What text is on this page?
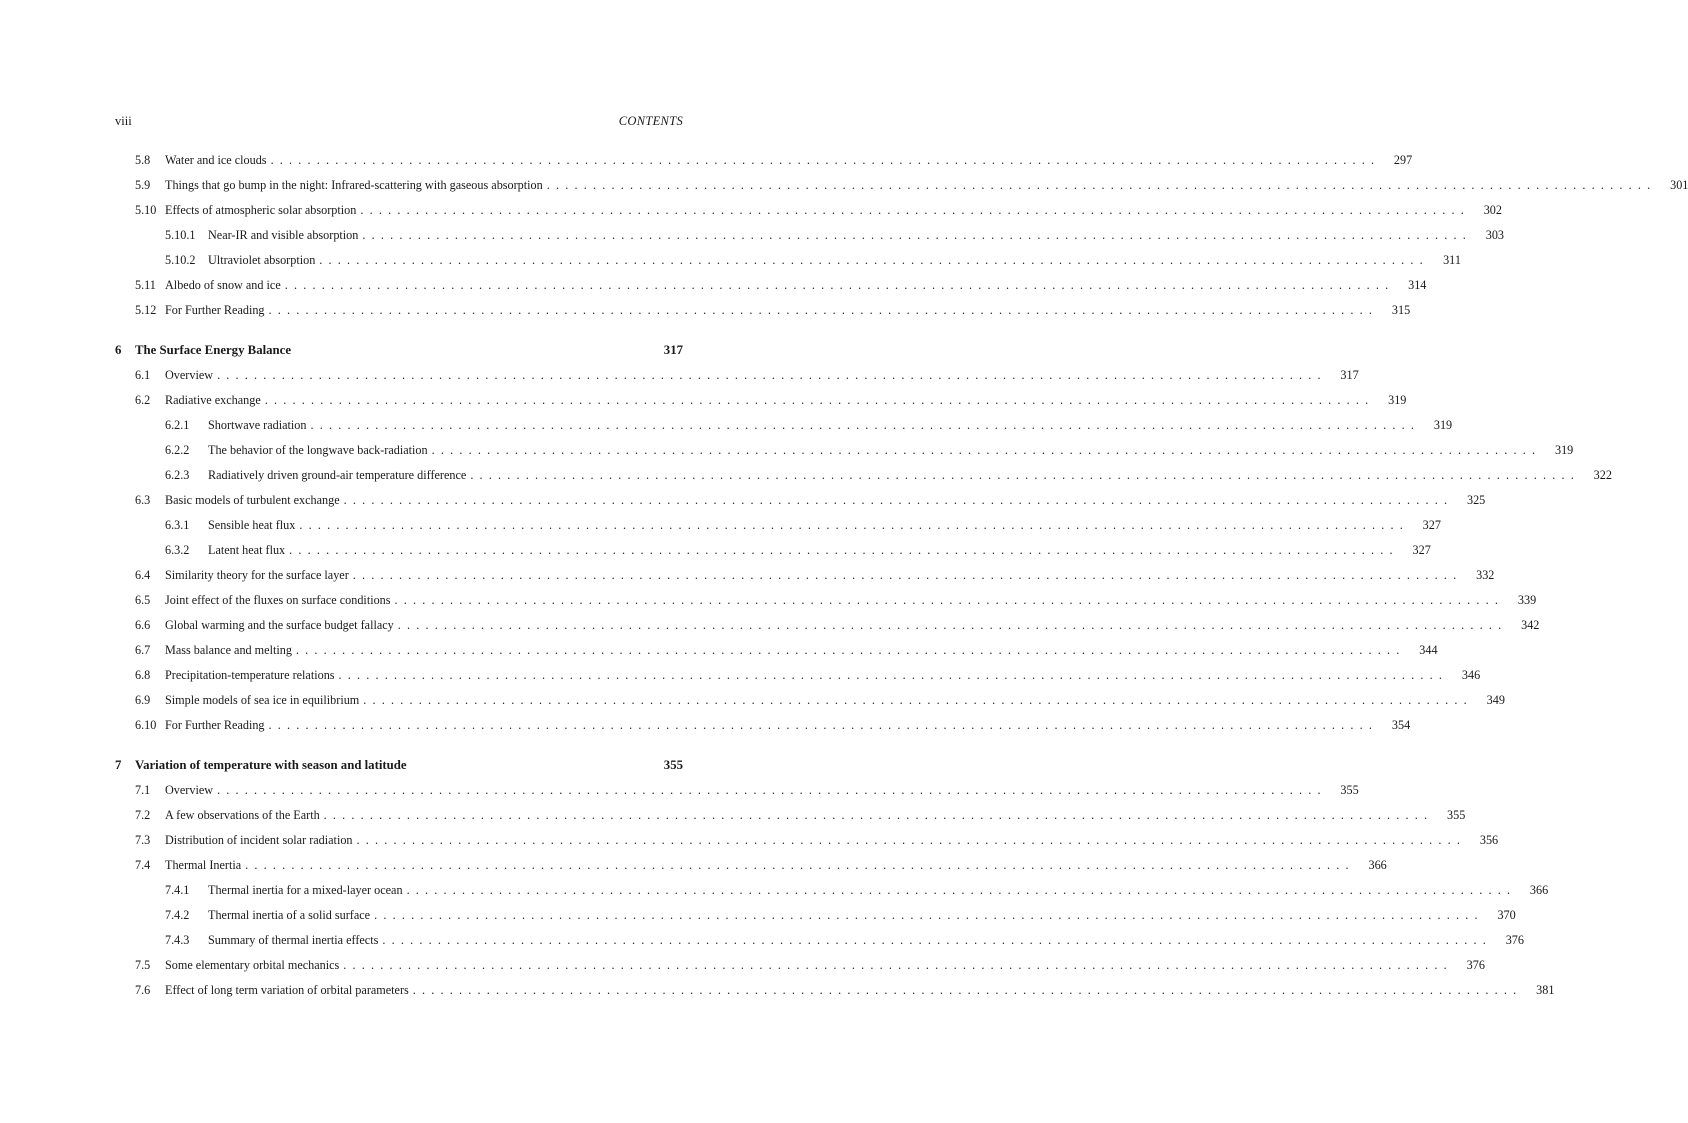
viii	CONTENTS
5.8	Water and ice clouds ........................................................................................................................	297
5.9	Things that go bump in the night: Infrared-scattering with gaseous absorption ........................................................................................................................	301
5.10 Effects of atmospheric solar absorption ........................................................................................................................	302
5.10.1	Near-IR and visible absorption ........................................................................................................................	303
5.10.2	Ultraviolet absorption ........................................................................................................................	311
5.11 Albedo of snow and ice ........................................................................................................................	314
5.12 For Further Reading ........................................................................................................................	315
6	The Surface Energy Balance	317
6.1	Overview ........................................................................................................................	317
6.2	Radiative exchange ........................................................................................................................	319
6.2.1	Shortwave radiation ........................................................................................................................	319
6.2.2	The behavior of the longwave back-radiation ........................................................................................................................	319
6.2.3	Radiatively driven ground-air temperature difference ........................................................................................................................	322
6.3	Basic models of turbulent exchange ........................................................................................................................	325
6.3.1	Sensible heat flux ........................................................................................................................	327
6.3.2	Latent heat flux ........................................................................................................................	327
6.4	Similarity theory for the surface layer ........................................................................................................................	332
6.5	Joint effect of the fluxes on surface conditions ........................................................................................................................	339
6.6	Global warming and the surface budget fallacy ........................................................................................................................	342
6.7	Mass balance and melting ........................................................................................................................	344
6.8	Precipitation-temperature relations ........................................................................................................................	346
6.9	Simple models of sea ice in equilibrium ........................................................................................................................	349
6.10 For Further Reading ........................................................................................................................	354
7	Variation of temperature with season and latitude	355
7.1	Overview ........................................................................................................................	355
7.2	A few observations of the Earth ........................................................................................................................	355
7.3	Distribution of incident solar radiation ........................................................................................................................	356
7.4	Thermal Inertia ........................................................................................................................	366
7.4.1	Thermal inertia for a mixed-layer ocean ........................................................................................................................	366
7.4.2	Thermal inertia of a solid surface ........................................................................................................................	370
7.4.3	Summary of thermal inertia effects ........................................................................................................................	376
7.5	Some elementary orbital mechanics ........................................................................................................................	376
7.6	Effect of long term variation of orbital parameters ........................................................................................................................	381
